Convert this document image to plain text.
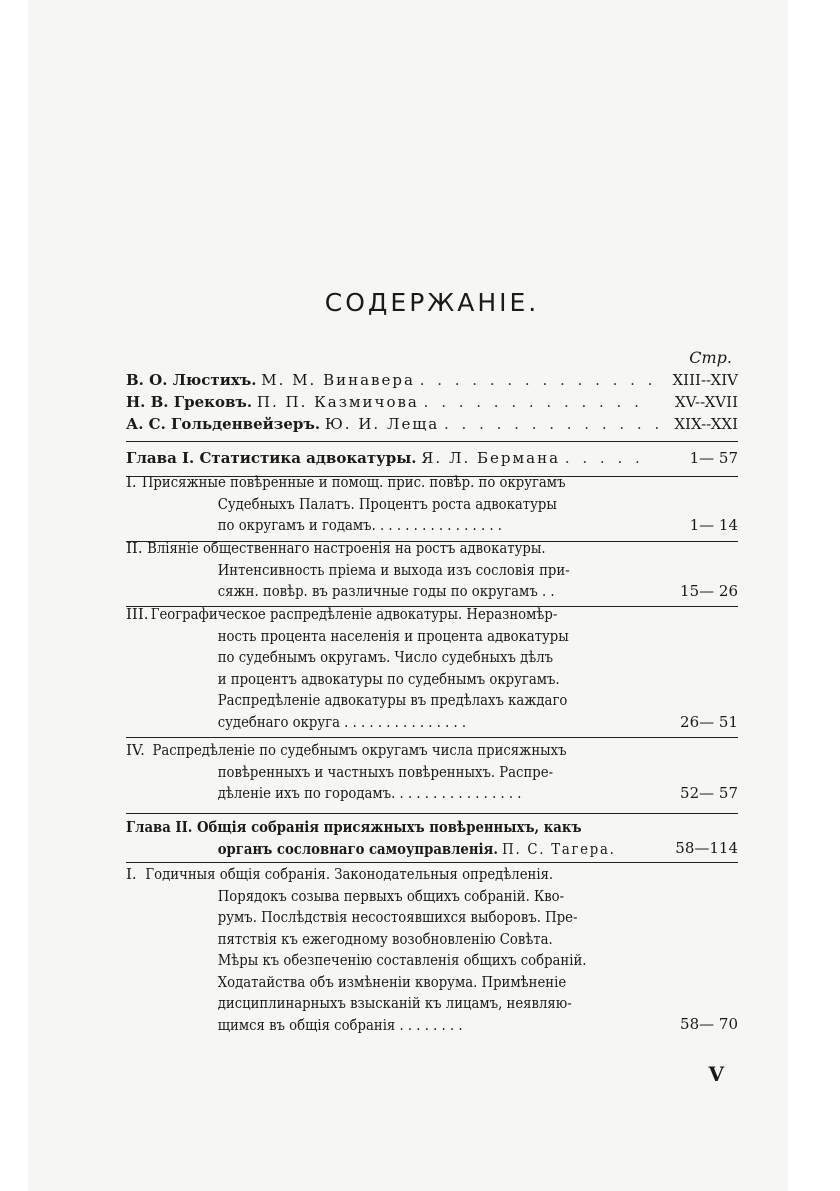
СОДЕРЖАНIЕ.
Стр.
В. О. Люстихъ. М. М. Винавера . . . . . . . . . . . . . . XIII--XIV
Н. В. Грековъ. П. П. Казмичова . . . . . . . . . . . . . XV--XVII
А. С. Гольденвейзеръ. Ю. И. Леща . . . . . . . . . . . . . XIX--XXI
Глава I. Статистика адвокатуры. Я. Л. Бермана . . . . .	1— 57
I. Присяжные повѣренные и помощ. прис. повѣр. по округамъ
Судебныхъ Палатъ. Процентъ роста адвокатуры
по округамъ и годамъ. . . . . . . . . . . . . . . .	1— 14
II. Вліяніе общественнаго настроенія на ростъ адвокатуры.
Интенсивность пріема и выхода изъ сословія при-
сяжн. повѣр. въ различные годы по округамъ . .	15— 26
III. Географическое распредѣленіе адвокатуры. Неразномѣр-
ность процента населенія и процента адвокатуры
по судебнымъ округамъ. Число судебныхъ дѣлъ
и процентъ адвокатуры по судебнымъ округамъ.
Распредѣленіе адвокатуры въ предѣлахъ каждаго
судебнаго округа . . . . . . . . . . . . . . .	26— 51
IV. Распредѣленіе по судебнымъ округамъ числа присяжныхъ
повѣренныхъ и частныхъ повѣренныхъ. Распре-
дѣленіе ихъ по городамъ. . . . . . . . . . . . . . . .	52— 57
Глава II. Общія собранія присяжныхъ повѣренныхъ, какъ
органъ сословнаго самоуправленія. П. С. Тагера.	58—114
I. Годичныя общія собранія. Законодательныя опредѣленія.
Порядокъ созыва первыхъ общихъ собраній. Кво-
румъ. Послѣдствія несостоявшихся выборовъ. Пре-
пятствія къ ежегодному возобновленію Совѣта.
Мѣры къ обезпеченію составленія общихъ собраній.
Ходатайства объ измѣненіи кворума. Примѣненіе
дисциплинарныхъ взысканій къ лицамъ, неявляю-
щимся въ общія собранія . . . . . . . .	58— 70
V
